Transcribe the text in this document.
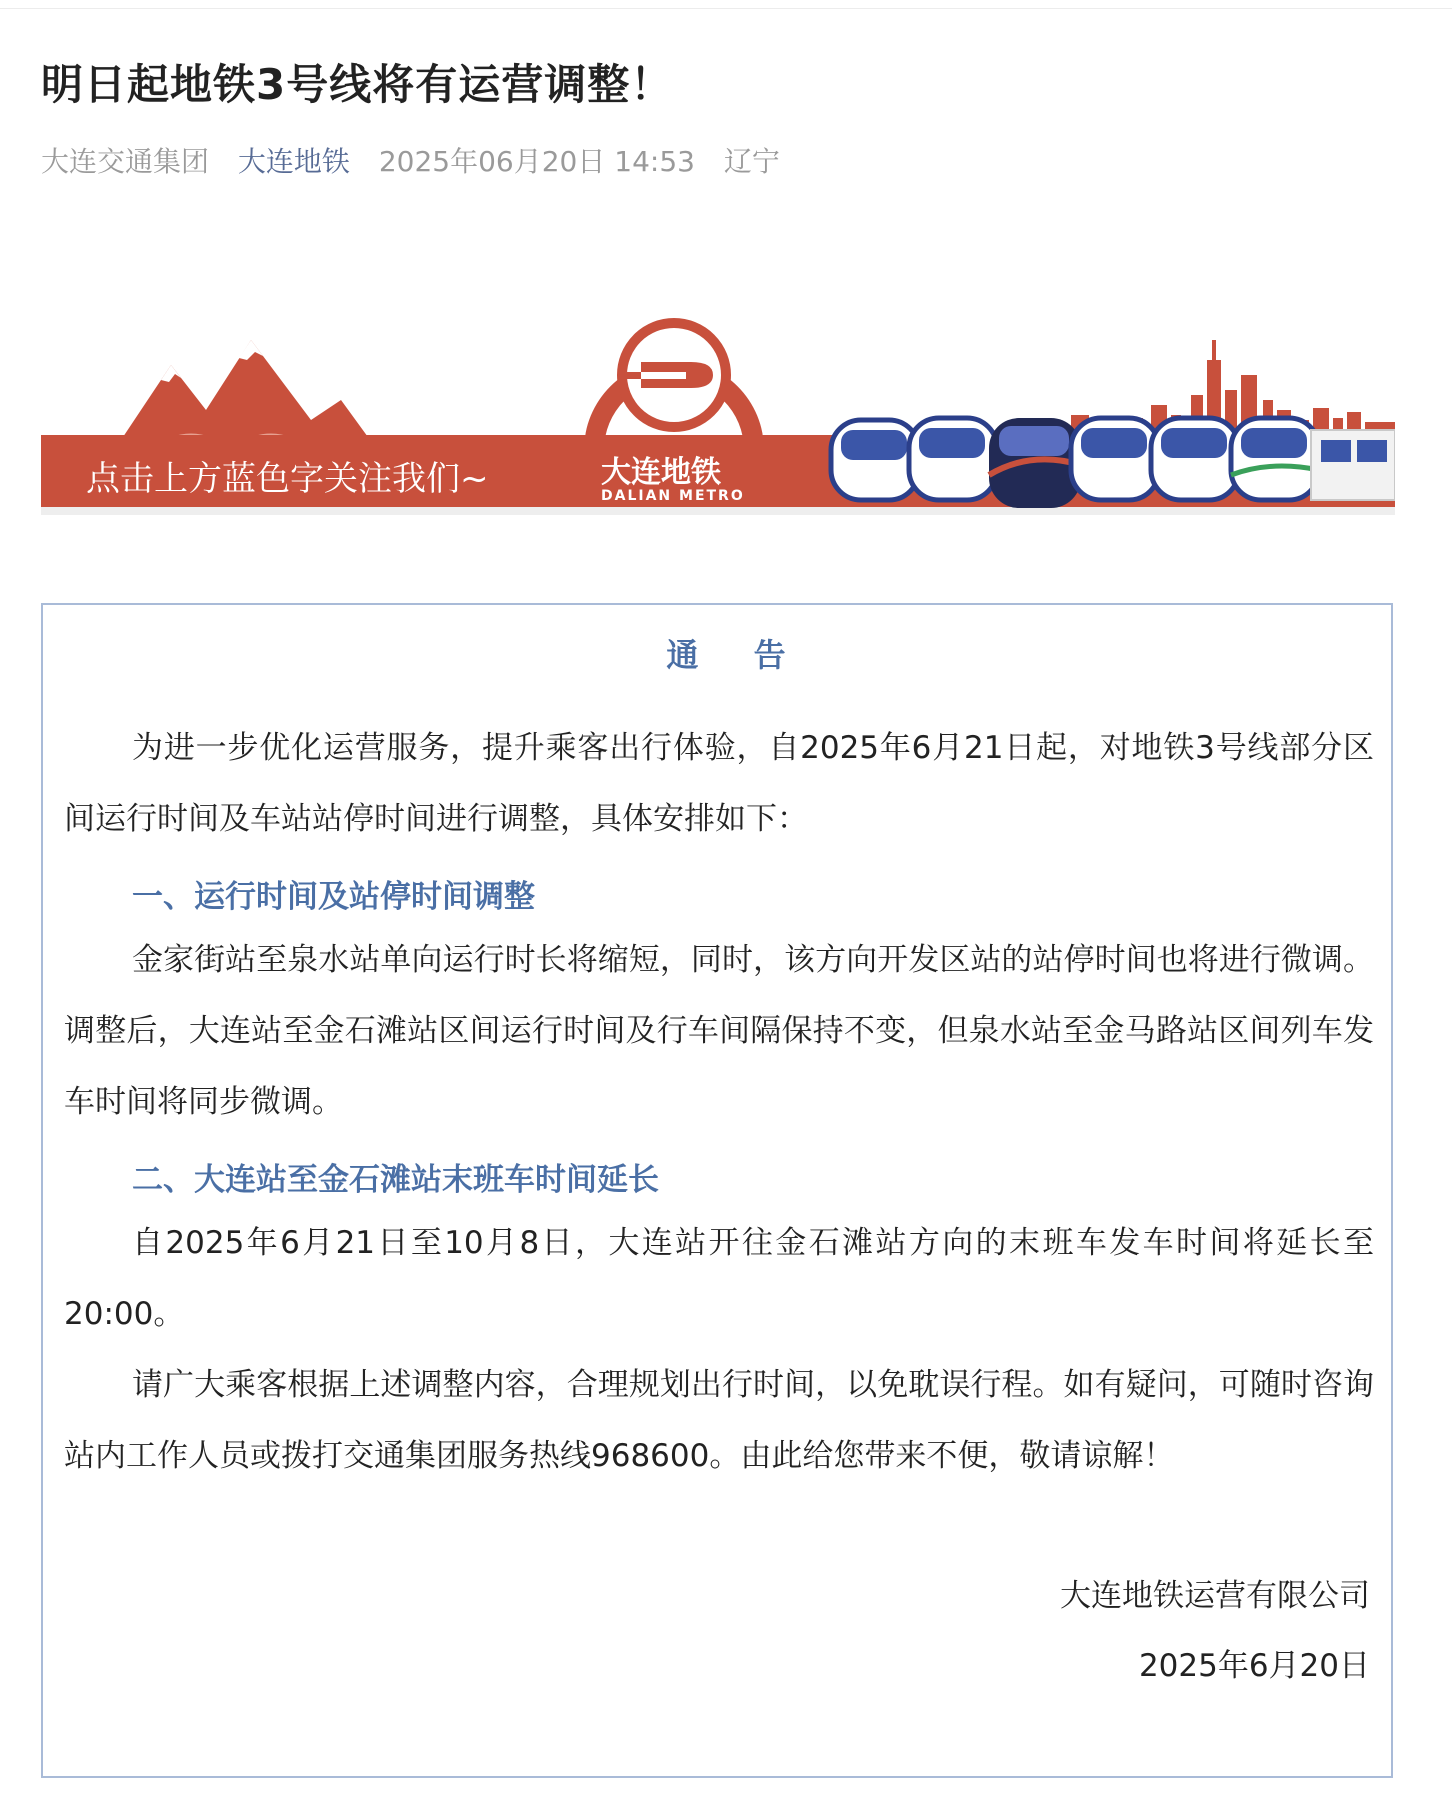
明日起地铁3号线将有运营调整！
大连交通集团 大连地铁 2025年06月20日 14:53 辽宁
点击上方蓝色字关注我们~	大连地铁
DALIAN METRO
通 告
为进一步优化运营服务，提升乘客出行体验，自2025年6月21日起，对地铁3号线部分区间运行时间及车站站停时间进行调整，具体安排如下：
一、运行时间及站停时间调整
金家街站至泉水站单向运行时长将缩短，同时，该方向开发区站的站停时间也将进行微调。调整后，大连站至金石滩站区间运行时间及行车间隔保持不变，但泉水站至金马路站区间列车发车时间将同步微调。
二、大连站至金石滩站末班车时间延长
自2025年6月21日至10月8日，大连站开往金石滩站方向的末班车发车时间将延长至20:00。
请广大乘客根据上述调整内容，合理规划出行时间，以免耽误行程。如有疑问，可随时咨询站内工作人员或拨打交通集团服务热线968600。由此给您带来不便，敬请谅解！
大连地铁运营有限公司
2025年6月20日
